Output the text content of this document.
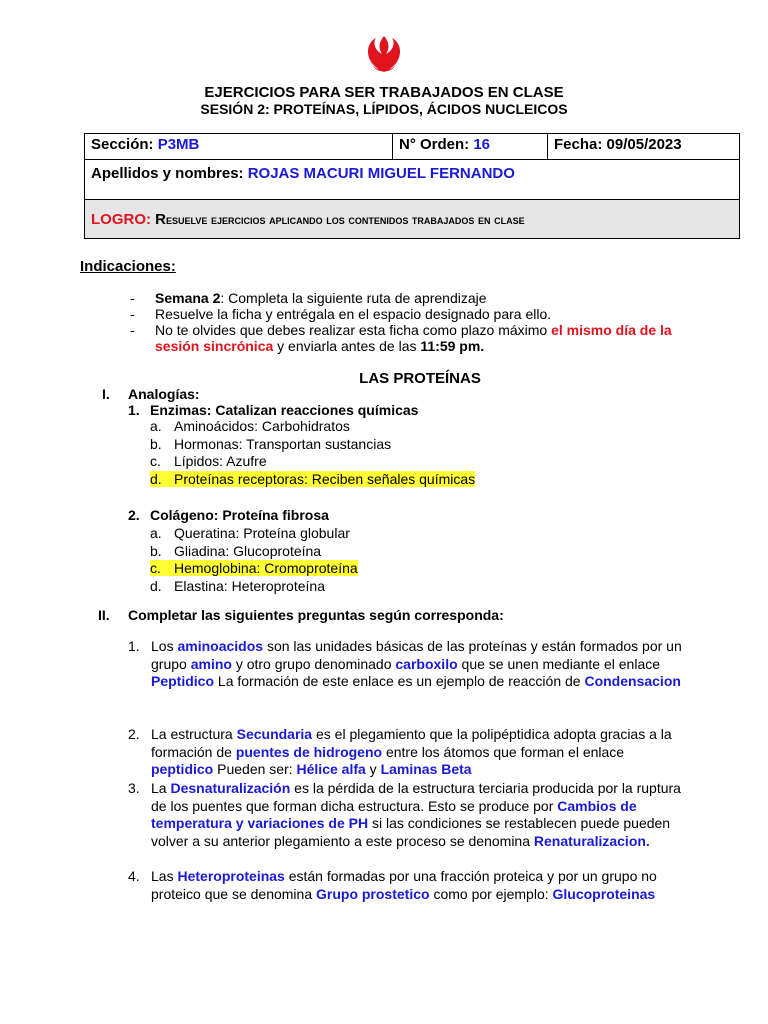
EJERCICIOS PARA SER TRABAJADOS EN CLASE
SESIÓN 2: PROTEÍNAS, LÍPIDOS, ÁCIDOS NUCLEICOS
Sección: P3MB	N° Orden: 16	Fecha: 09/05/2023
Apellidos y nombres: ROJAS MACURI MIGUEL FERNANDO
LOGRO: Resuelve ejercicios aplicando los contenidos trabajados en clase
Indicaciones:
- Semana 2: Completa la siguiente ruta de aprendizaje
- Resuelve la ficha y entrégala en el espacio designado para ello.
- No te olvides que debes realizar esta ficha como plazo máximo el mismo día de la sesión sincrónica y enviarla antes de las 11:59 pm.
LAS PROTEÍNAS
I. Analogías:
1. Enzimas: Catalizan reacciones químicas
a. Aminoácidos: Carbohidratos
b. Hormonas: Transportan sustancias
c. Lípidos: Azufre
d. Proteínas receptoras: Reciben señales químicas
2. Colágeno: Proteína fibrosa
a. Queratina: Proteína globular
b. Gliadina: Glucoproteína
c. Hemoglobina: Cromoproteína
d. Elastina: Heteroproteína
II. Completar las siguientes preguntas según corresponda:
1. Los aminoacidos son las unidades básicas de las proteínas y están formados por un grupo amino y otro grupo denominado carboxilo que se unen mediante el enlace Peptidico La formación de este enlace es un ejemplo de reacción de Condensacion
2. La estructura Secundaria es el plegamiento que la polipéptidica adopta gracias a la formación de puentes de hidrogeno entre los átomos que forman el enlace peptidico Pueden ser: Hélice alfa y Laminas Beta
3. La Desnaturalización es la pérdida de la estructura terciaria producida por la ruptura de los puentes que forman dicha estructura. Esto se produce por Cambios de temperatura y variaciones de PH si las condiciones se restablecen puede pueden volver a su anterior plegamiento a este proceso se denomina Renaturalizacion.
4. Las Heteroproteinas están formadas por una fracción proteica y por un grupo no proteico que se denomina Grupo prostetico como por ejemplo: Glucoproteinas
